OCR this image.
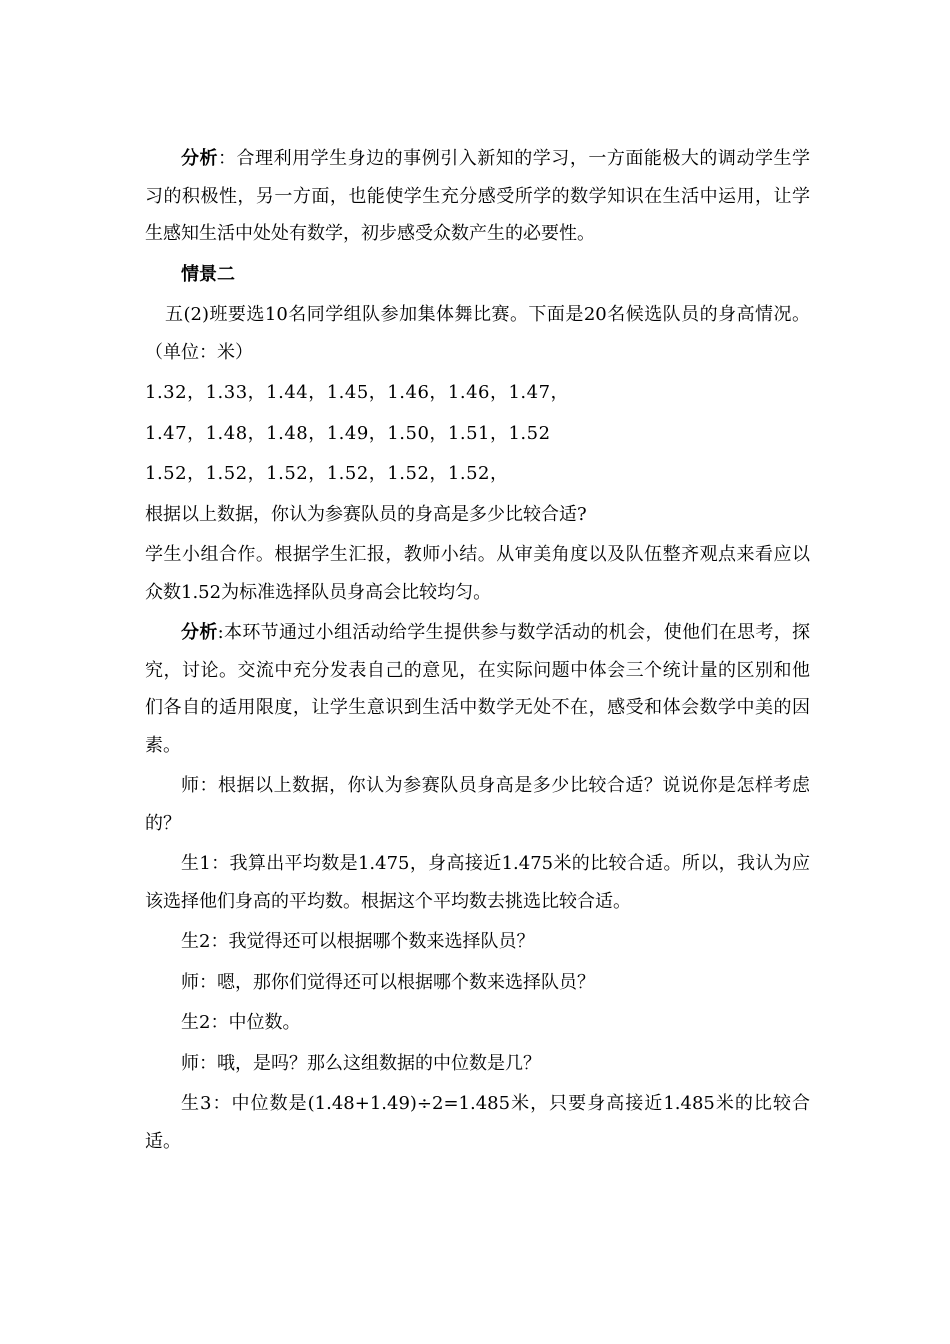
分析：合理利用学生身边的事例引入新知的学习，一方面能极大的调动学生学习的积极性，另一方面，也能使学生充分感受所学的数学知识在生活中运用，让学生感知生活中处处有数学，初步感受众数产生的必要性。

情景二

五(2)班要选10名同学组队参加集体舞比赛。下面是20名候选队员的身高情况。（单位：米）

1.32，1.33，1.44，1.45，1.46，1.46，1.47，

1.47，1.48，1.48，1.49，1.50，1.51，1.52

1.52，1.52，1.52，1.52，1.52，1.52，

根据以上数据，你认为参赛队员的身高是多少比较合适?

学生小组合作。根据学生汇报，教师小结。从审美角度以及队伍整齐观点来看应以众数1.52为标准选择队员身高会比较均匀。

分析:本环节通过小组活动给学生提供参与数学活动的机会，使他们在思考，探究，讨论。交流中充分发表自己的意见，在实际问题中体会三个统计量的区别和他们各自的适用限度，让学生意识到生活中数学无处不在，感受和体会数学中美的因素。

师：根据以上数据，你认为参赛队员身高是多少比较合适？说说你是怎样考虑的？

生1：我算出平均数是1.475，身高接近1.475米的比较合适。所以，我认为应该选择他们身高的平均数。根据这个平均数去挑选比较合适。

生2：我觉得还可以根据哪个数来选择队员？

师：嗯，那你们觉得还可以根据哪个数来选择队员？

生2：中位数。

师：哦，是吗？那么这组数据的中位数是几？

生3：中位数是(1.48+1.49)÷2=1.485米，只要身高接近1.485米的比较合适。
